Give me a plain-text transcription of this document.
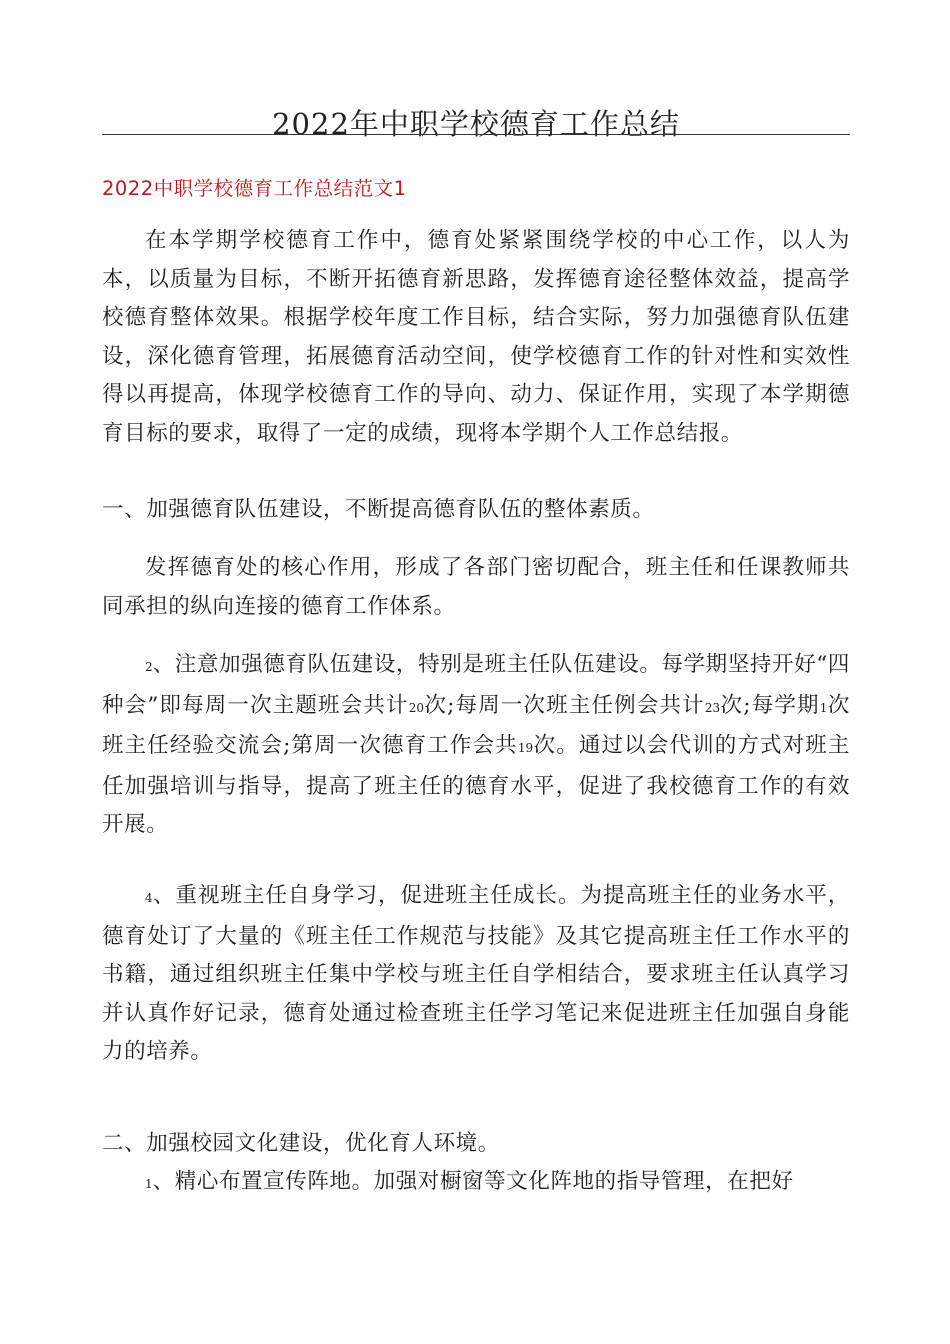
2022年中职学校德育工作总结
2022中职学校德育工作总结范文1

在本学期学校德育工作中，德育处紧紧围绕学校的中心工作，以人为本，以质量为目标，不断开拓德育新思路，发挥德育途径整体效益，提高学校德育整体效果。根据学校年度工作目标，结合实际，努力加强德育队伍建设，深化德育管理，拓展德育活动空间，使学校德育工作的针对性和实效性得以再提高，体现学校德育工作的导向、动力、保证作用，实现了本学期德育目标的要求，取得了一定的成绩，现将本学期个人工作总结报。

一、加强德育队伍建设，不断提高德育队伍的整体素质。

发挥德育处的核心作用，形成了各部门密切配合，班主任和任课教师共同承担的纵向连接的德育工作体系。

2、注意加强德育队伍建设，特别是班主任队伍建设。每学期坚持开好“四种会”即每周一次主题班会共计20次;每周一次班主任例会共计23次;每学期1次班主任经验交流会;第周一次德育工作会共19次。通过以会代训的方式对班主任加强培训与指导，提高了班主任的德育水平，促进了我校德育工作的有效开展。

4、重视班主任自身学习，促进班主任成长。为提高班主任的业务水平，德育处订了大量的《班主任工作规范与技能》及其它提高班主任工作水平的书籍，通过组织班主任集中学校与班主任自学相结合，要求班主任认真学习并认真作好记录，德育处通过检查班主任学习笔记来促进班主任加强自身能力的培养。

二、加强校园文化建设，优化育人环境。

1、精心布置宣传阵地。加强对橱窗等文化阵地的指导管理，在把好
